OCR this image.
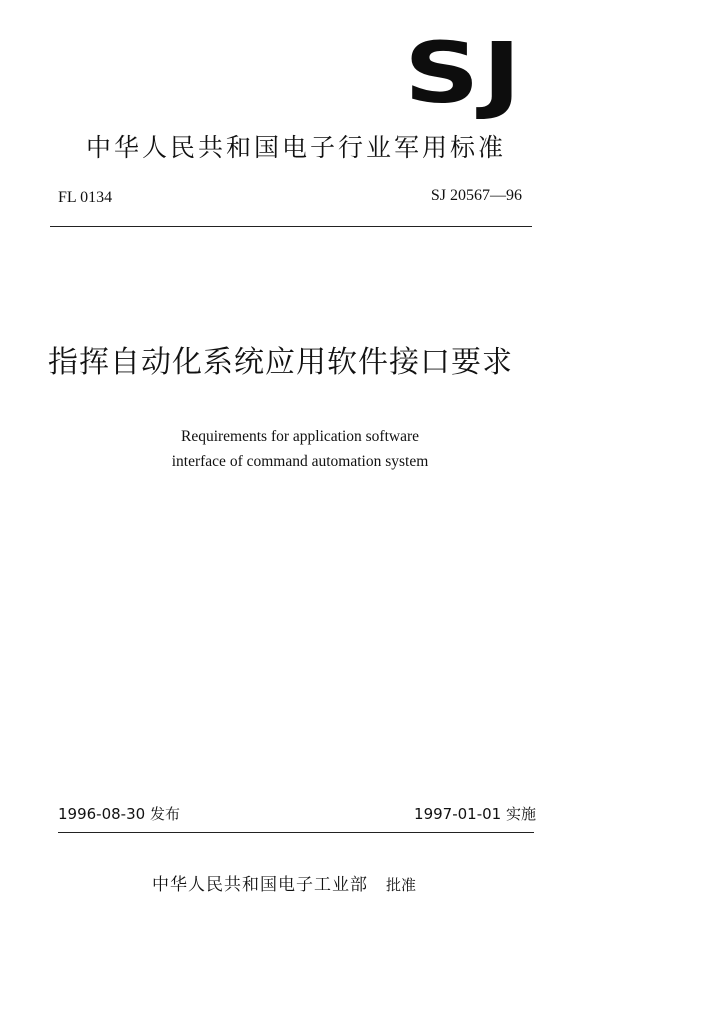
SJ
中华人民共和国电子行业军用标准
FL 0134	SJ 20567—96
指挥自动化系统应用软件接口要求
Requirements for application software
interface of command automation system
1996-08-30 发布	1997-01-01 实施
中华人民共和国电子工业部 批准
